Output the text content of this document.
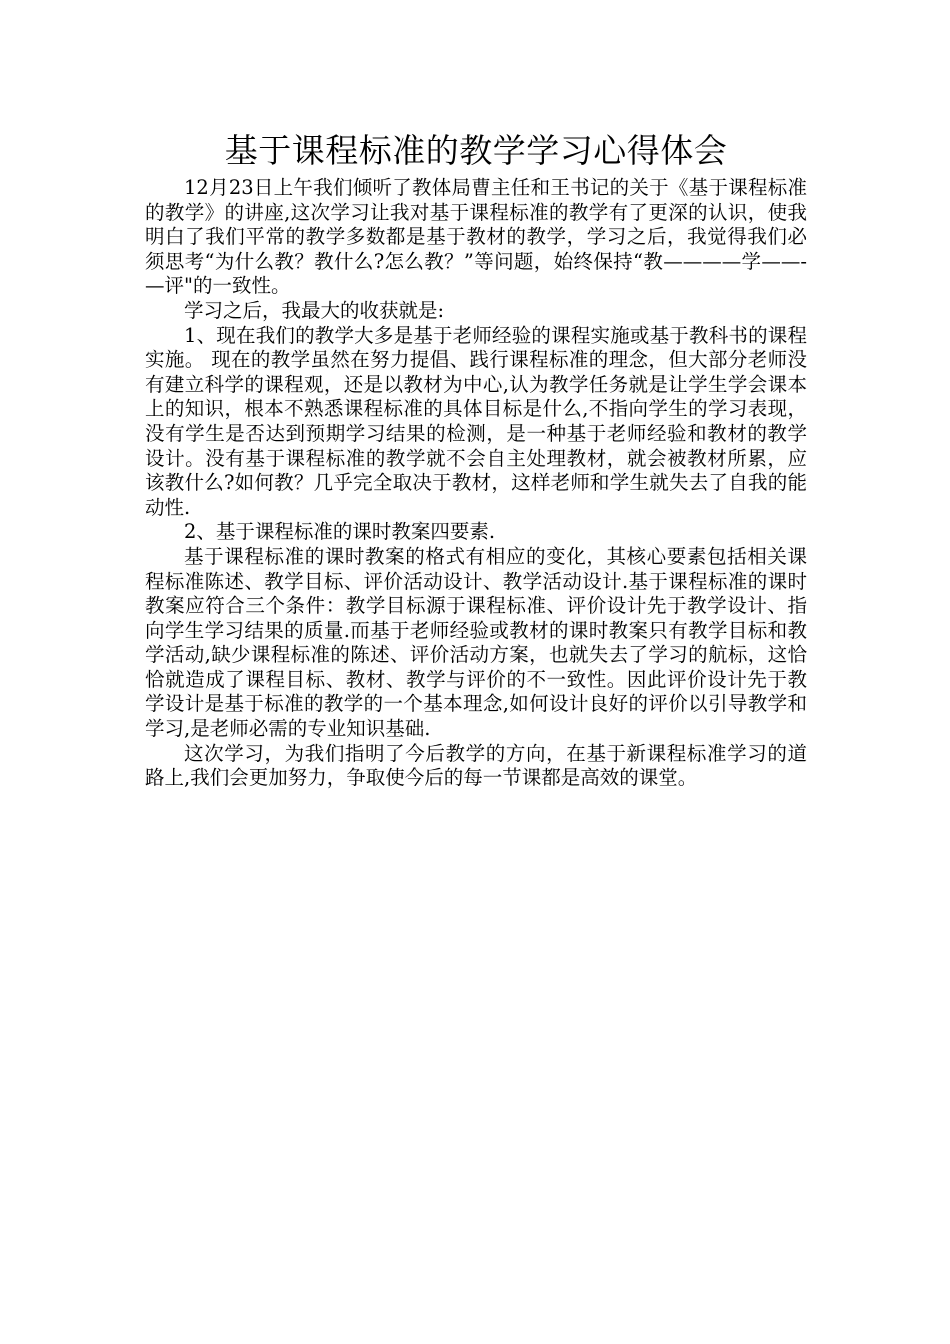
基于课程标准的教学学习心得体会

12月23日上午我们倾听了教体局曹主任和王书记的关于《基于课程标准的教学》的讲座,这次学习让我对基于课程标准的教学有了更深的认识，使我明白了我们平常的教学多数都是基于教材的教学，学习之后，我觉得我们必须思考“为什么教？教什么?怎么教？”等问题，始终保持“教————学——-—评"的一致性。

学习之后，我最大的收获就是:

1、现在我们的教学大多是基于老师经验的课程实施或基于教科书的课程实施。 现在的教学虽然在努力提倡、践行课程标准的理念，但大部分老师没有建立科学的课程观，还是以教材为中心,认为教学任务就是让学生学会课本上的知识，根本不熟悉课程标准的具体目标是什么,不指向学生的学习表现，没有学生是否达到预期学习结果的检测，是一种基于老师经验和教材的教学设计。没有基于课程标准的教学就不会自主处理教材，就会被教材所累，应该教什么?如何教？几乎完全取决于教材，这样老师和学生就失去了自我的能动性.

2、基于课程标准的课时教案四要素.

基于课程标准的课时教案的格式有相应的变化，其核心要素包括相关课程标准陈述、教学目标、评价活动设计、教学活动设计.基于课程标准的课时教案应符合三个条件：教学目标源于课程标准、评价设计先于教学设计、指向学生学习结果的质量.而基于老师经验或教材的课时教案只有教学目标和教学活动,缺少课程标准的陈述、评价活动方案，也就失去了学习的航标，这恰恰就造成了课程目标、教材、教学与评价的不一致性。因此评价设计先于教学设计是基于标准的教学的一个基本理念,如何设计良好的评价以引导教学和学习,是老师必需的专业知识基础.

这次学习，为我们指明了今后教学的方向，在基于新课程标准学习的道路上,我们会更加努力，争取使今后的每一节课都是高效的课堂。
